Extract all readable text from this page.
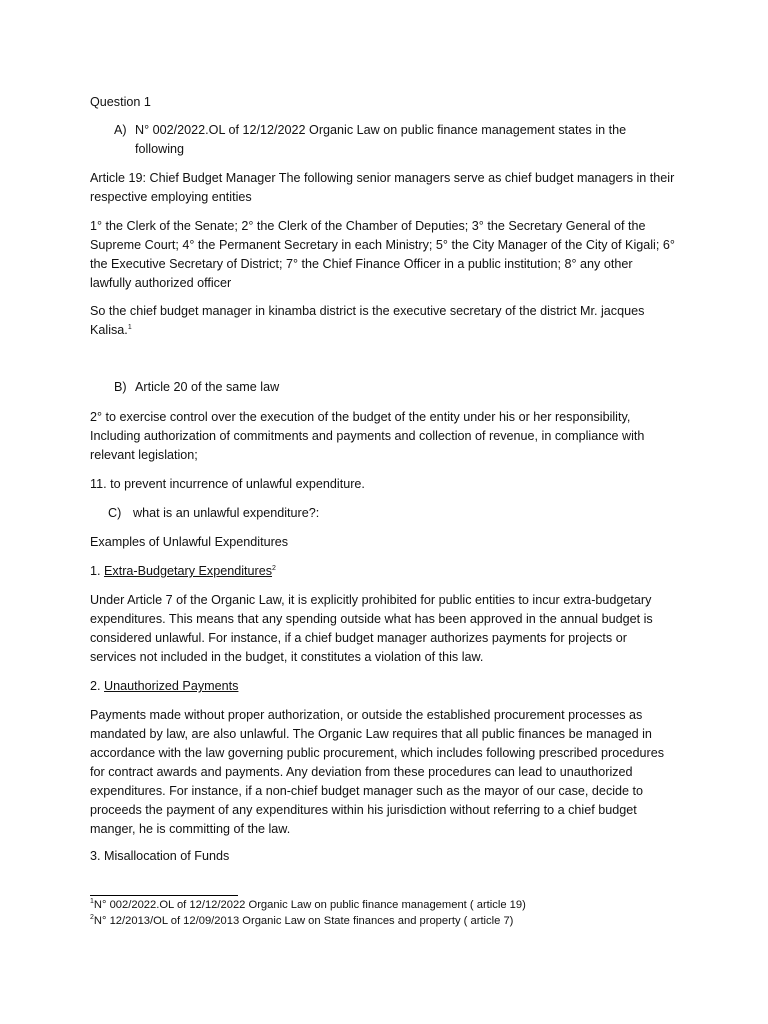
Question 1

A) N° 002/2022.OL of 12/12/2022 Organic Law on public finance management states in the
following
Article 19: Chief Budget Manager The following senior managers serve as chief budget managers in their
respective employing entities
1° the Clerk of the Senate; 2° the Clerk of the Chamber of Deputies; 3° the Secretary General of the
Supreme Court; 4° the Permanent Secretary in each Ministry; 5° the City Manager of the City of Kigali; 6°
the Executive Secretary of District; 7° the Chief Finance Officer in a public institution; 8° any other
lawfully authorized officer
So the chief budget manager in kinamba district is the executive secretary of the district Mr. jacques
Kalisa.$^1$
B) Article 20 of the same law
2° to exercise control over the execution of the budget of the entity under his or her responsibility,
Including authorization of commitments and payments and collection of revenue, in compliance with
relevant legislation;

11. to prevent incurrence of unlawful expenditure.

C) what is an unlawful expenditure?:

Examples of Unlawful Expenditures

1. Extra-Budgetary Expenditures$^2$
Under Article 7 of the Organic Law, it is explicitly prohibited for public entities to incur extra-budgetary
expenditures. This means that any spending outside what has been approved in the annual budget is
considered unlawful. For instance, if a chief budget manager authorizes payments for projects or
services not included in the budget, it constitutes a violation of this law.
2. Unauthorized Payments
Payments made without proper authorization, or outside the established procurement processes as
mandated by law, are also unlawful. The Organic Law requires that all public finances be managed in
accordance with the law governing public procurement, which includes following prescribed procedures
for contract awards and payments. Any deviation from these procedures can lead to unauthorized
expenditures. For instance, if a non-chief budget manager such as the mayor of our case, decide to
proceeds the payment of any expenditures within his jurisdiction without referring to a chief budget
manger, he is committing of the law.

3. Misallocation of Funds

$^1$N° 002/2022.OL of 12/12/2022 Organic Law on public finance management ( article 19)
$^2$N° 12/2013/OL of 12/09/2013 Organic Law on State finances and property ( article 7)
